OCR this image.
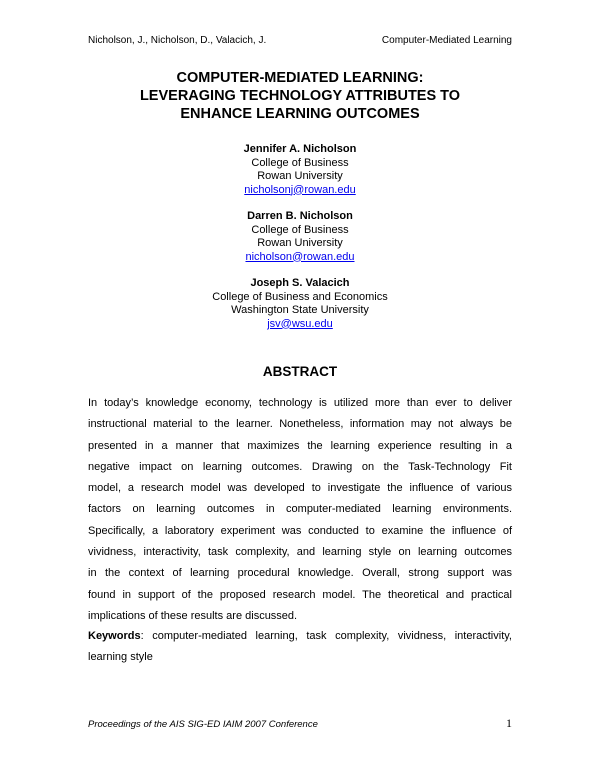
Nicholson, J., Nicholson, D., Valacich, J.	Computer-Mediated Learning
COMPUTER-MEDIATED LEARNING:
LEVERAGING TECHNOLOGY ATTRIBUTES TO
ENHANCE LEARNING OUTCOMES
Jennifer A. Nicholson
College of Business
Rowan University
nicholsonj@rowan.edu
Darren B. Nicholson
College of Business
Rowan University
nicholson@rowan.edu
Joseph S. Valacich
College of Business and Economics
Washington State University
jsv@wsu.edu
ABSTRACT
In today’s knowledge economy, technology is utilized more than ever to deliver
instructional material to the learner. Nonetheless, information may not always be
presented in a manner that maximizes the learning experience resulting in a
negative impact on learning outcomes. Drawing on the Task-Technology Fit
model, a research model was developed to investigate the influence of various
factors on learning outcomes in computer-mediated learning environments.
Specifically, a laboratory experiment was conducted to examine the influence of
vividness, interactivity, task complexity, and learning style on learning outcomes
in the context of learning procedural knowledge. Overall, strong support was
found in support of the proposed research model. The theoretical and practical
implications of these results are discussed.
Keywords: computer-mediated learning, task complexity, vividness, interactivity,
learning style
Proceedings of the AIS SIG-ED IAIM 2007 Conference	1
